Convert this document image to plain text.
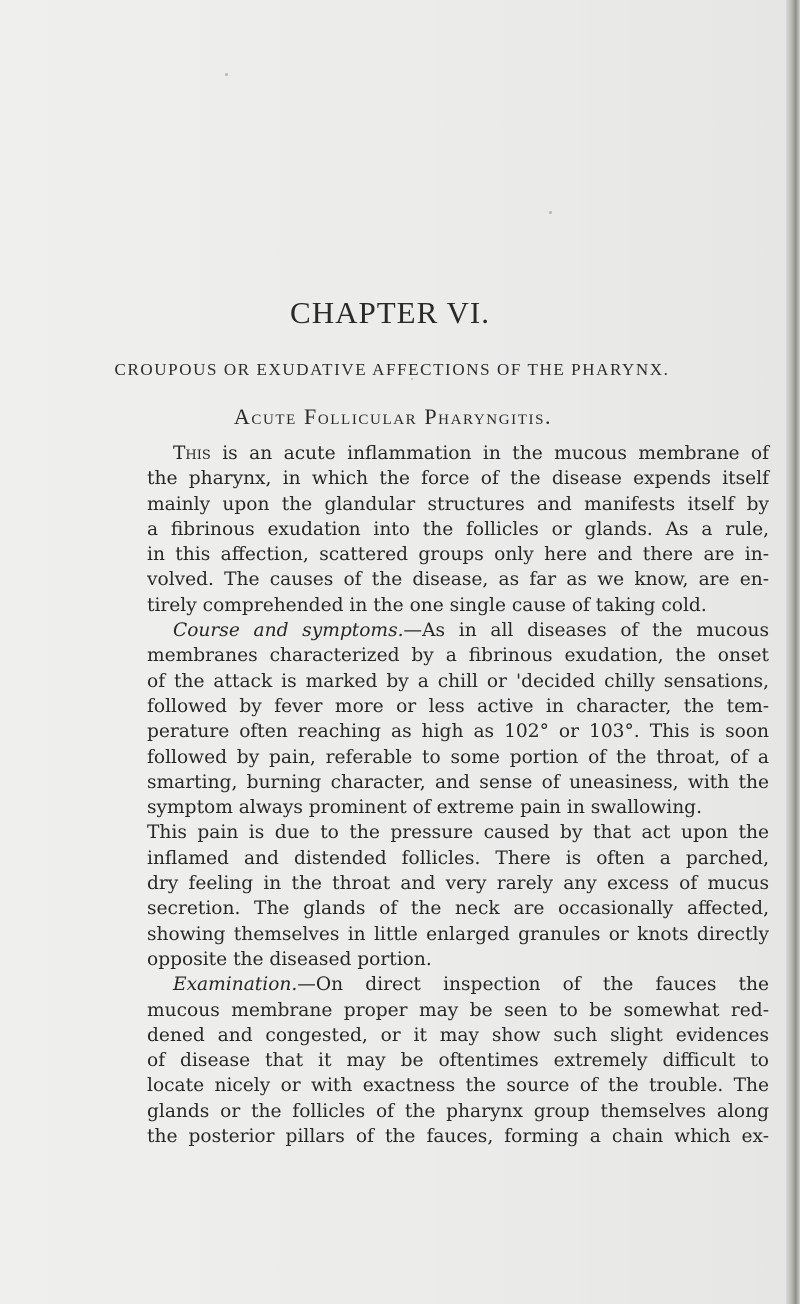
CHAPTER VI.
CROUPOUS OR EXUDATIVE AFFECTIONS OF THE PHARYNX.
Acute Follicular Pharyngitis.
This is an acute inflammation in the mucous membrane of
the pharynx, in which the force of the disease expends itself
mainly upon the glandular structures and manifests itself by
a fibrinous exudation into the follicles or glands. As a rule,
in this affection, scattered groups only here and there are in-
volved. The causes of the disease, as far as we know, are en-
tirely comprehended in the one single cause of taking cold.
Course and symptoms.—As in all diseases of the mucous
membranes characterized by a fibrinous exudation, the onset
of the attack is marked by a chill or 'decided chilly sensations,
followed by fever more or less active in character, the tem-
perature often reaching as high as 102° or 103°. This is soon
followed by pain, referable to some portion of the throat, of a
smarting, burning character, and sense of uneasiness, with the
symptom always prominent of extreme pain in swallowing.
This pain is due to the pressure caused by that act upon the
inflamed and distended follicles. There is often a parched,
dry feeling in the throat and very rarely any excess of mucus
secretion. The glands of the neck are occasionally affected,
showing themselves in little enlarged granules or knots directly
opposite the diseased portion.
Examination.—On direct inspection of the fauces the
mucous membrane proper may be seen to be somewhat red-
dened and congested, or it may show such slight evidences
of disease that it may be oftentimes extremely difficult to
locate nicely or with exactness the source of the trouble. The
glands or the follicles of the pharynx group themselves along
the posterior pillars of the fauces, forming a chain which ex-
